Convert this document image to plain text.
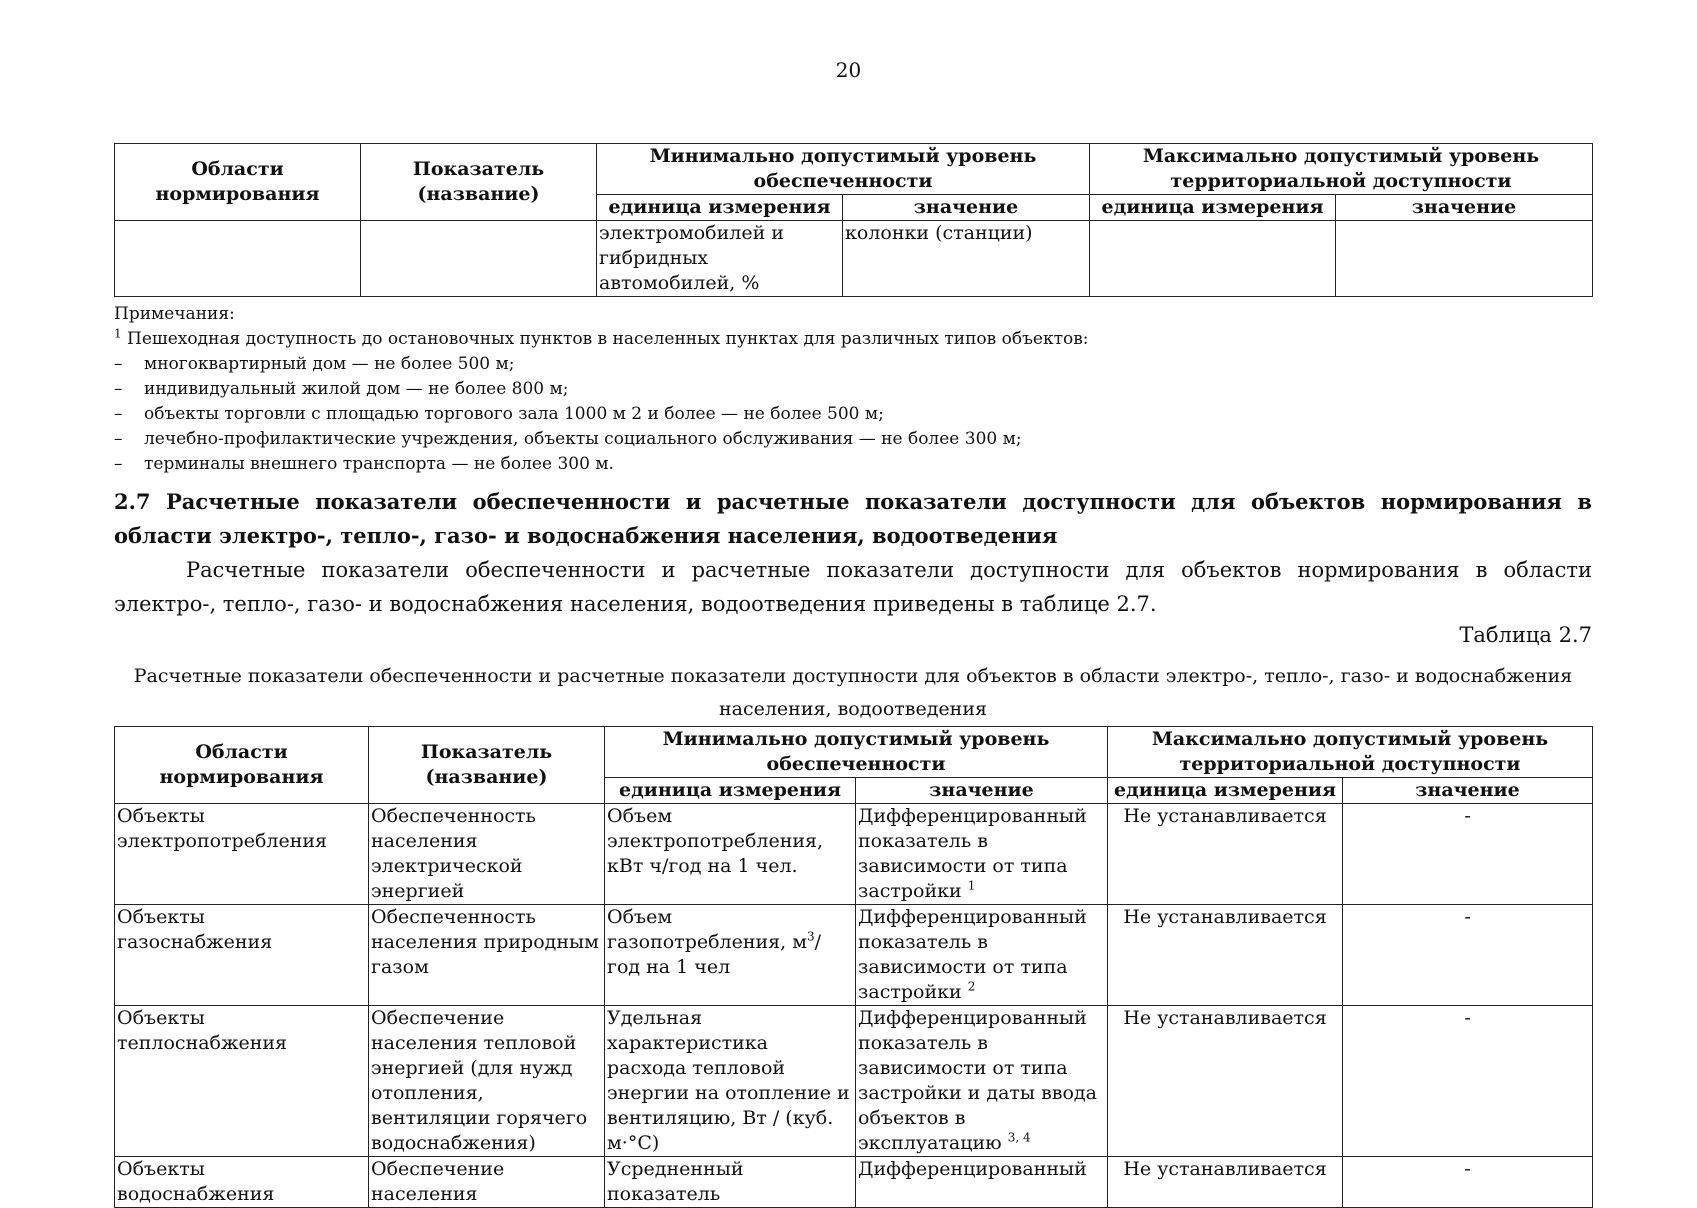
20
Области нормирования	Показатель (название)	Минимально допустимый уровень обеспеченности		Максимально допустимый уровень территориальной доступности	
		единица измерения	значение	единица измерения	значение
		электромобилей и гибридных автомобилей, %	колонки (станции)		
Примечания:
$^1$ Пешеходная доступность до остановочных пунктов в населенных пунктах для различных типов объектов:
– многоквартирный дом — не более 500 м;
– индивидуальный жилой дом — не более 800 м;
– объекты торговли с площадью торгового зала 1000 м 2 и более — не более 500 м;
– лечебно-профилактические учреждения, объекты социального обслуживания — не более 300 м;
– терминалы внешнего транспорта — не более 300 м.
2.7 Расчетные показатели обеспеченности и расчетные показатели доступности для объектов нормирования в области электро-, тепло-, газо- и водоснабжения населения, водоотведения
Расчетные показатели обеспеченности и расчетные показатели доступности для объектов нормирования в области электро-, тепло-, газо- и водоснабжения населения, водоотведения приведены в таблице 2.7.
Таблица 2.7
Расчетные показатели обеспеченности и расчетные показатели доступности для объектов в области электро-, тепло-, газо- и водоснабжения населения, водоотведения
Области нормирования	Показатель (название)	Минимально допустимый уровень обеспеченности		Максимально допустимый уровень территориальной доступности	
		единица измерения	значение	единица измерения	значение
Объекты электропотребления	Обеспеченность населения электрической энергией	Объем электропотребления, кВт ч/год на 1 чел.	Дифференцированный показатель в зависимости от типа застройки $^1$	Не устанавливается	-
Объекты газоснабжения	Обеспеченность населения природным газом	Объем газопотребления, $м^3$/год на 1 чел	Дифференцированный показатель в зависимости от типа застройки $^2$	Не устанавливается	-
Объекты теплоснабжения	Обеспечение населения тепловой энергией (для нужд отопления, вентиляции горячего водоснабжения)	Удельная характеристика расхода тепловой энергии на отопление и вентиляцию, Вт / (куб. м·°С)	Дифференцированный показатель в зависимости от типа застройки и даты ввода объектов в эксплуатацию $^{3, 4}$	Не устанавливается	-
Объекты водоснабжения	Обеспечение населения	Усредненный показатель	Дифференцированный	Не устанавливается	-
